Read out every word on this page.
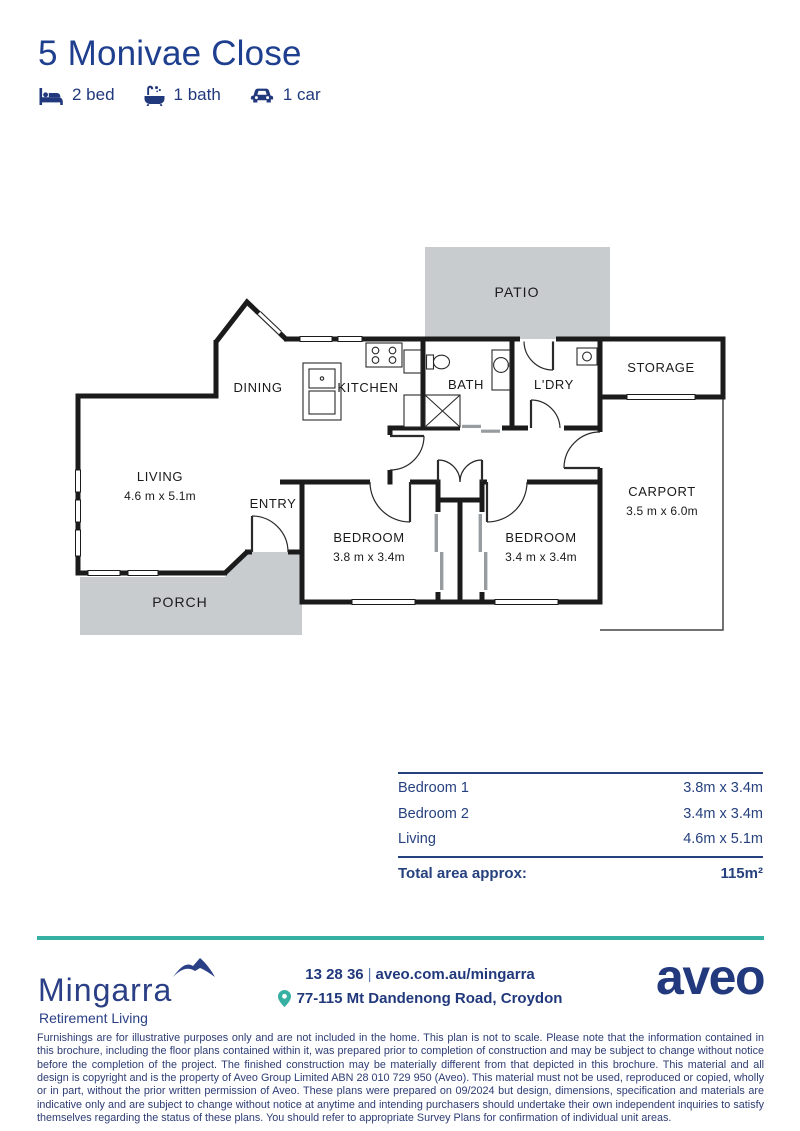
5 Monivae Close
2 bed	1 bath	1 car
PATIO
DINING	KITCHEN	BATH	L'DRY
STORAGE
LIVING
4.6 m x 5.1m	ENTRY
BEDROOM
3.8 m x 3.4m
BEDROOM
3.4 m x 3.4m
CARPORT
3.5 m x 6.0m
PORCH
Bedroom 1	3.8m x 3.4m
Bedroom 2	3.4m x 3.4m
Living	4.6m x 5.1m
Total area approx:	115m²
Mingarra
Retirement Living
13 28 36 | aveo.com.au/mingarra
77-115 Mt Dandenong Road, Croydon aveo
Furnishings are for illustrative purposes only and are not included in the home. This plan is not to scale. Please note that the information contained in this brochure, including the floor plans contained within it, was prepared prior to completion of construction and may be subject to change without notice before the completion of the project. The finished construction may be materially different from that depicted in this brochure. This material and all design is copyright and is the property of Aveo Group Limited ABN 28 010 729 950 (Aveo). This material must not be used, reproduced or copied, wholly or in part, without the prior written permission of Aveo. These plans were prepared on 09/2024 but design, dimensions, specification and materials are indicative only and are subject to change without notice at anytime and intending purchasers should undertake their own independent inquiries to satisfy themselves regarding the status of these plans. You should refer to appropriate Survey Plans for confirmation of individual unit areas.
